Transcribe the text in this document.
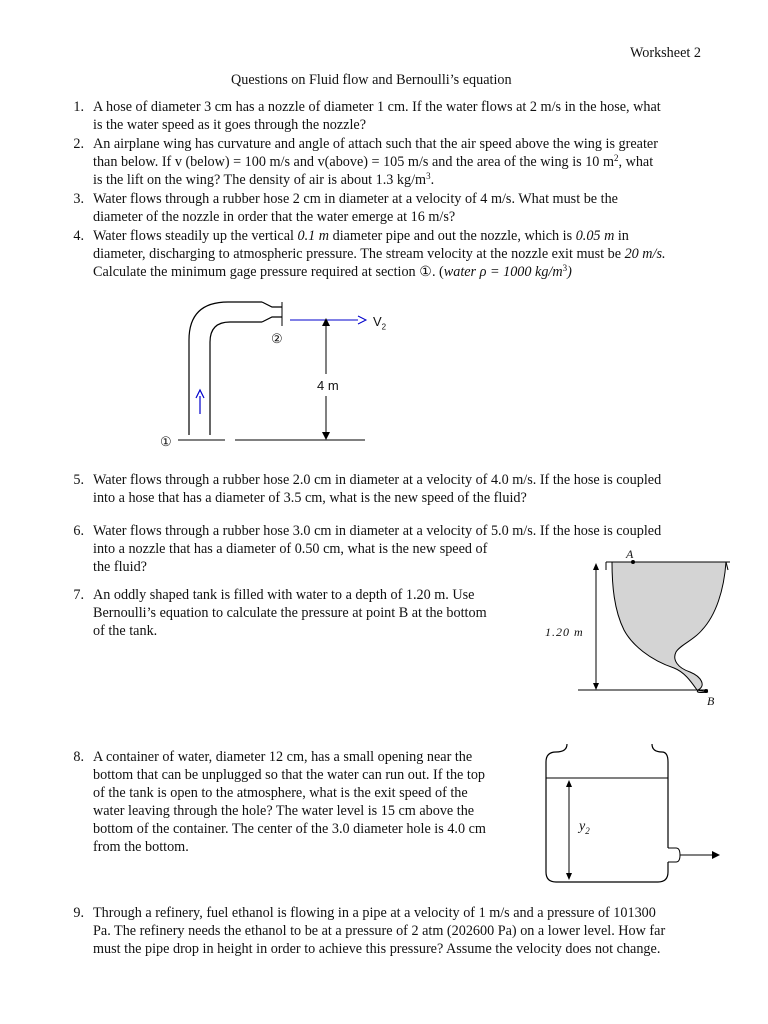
Worksheet 2
Questions on Fluid flow and Bernoulli’s equation
1. A hose of diameter 3 cm has a nozzle of diameter 1 cm. If the water flows at 2 m/s in the hose, what
is the water speed as it goes through the nozzle?
2. An airplane wing has curvature and angle of attach such that the air speed above the wing is greater
than below. If v (below) = 100 m/s and v(above) = 105 m/s and the area of the wing is 10 $m^2$, what
is the lift on the wing? The density of air is about 1.3 $kg/m^3$.
3. Water flows through a rubber hose 2 cm in diameter at a velocity of 4 m/s. What must be the
diameter of the nozzle in order that the water emerge at 16 m/s?
4. Water flows steadily up the vertical 0.1 m diameter pipe and out the nozzle, which is 0.05 m in
diameter, discharging to atmospheric pressure. The stream velocity at the nozzle exit must be 20 m/s.
Calculate the minimum gage pressure required at section ①. (water ρ = 1000 $kg/m^3$)
$V_2$
②
4 m
①
5. Water flows through a rubber hose 2.0 cm in diameter at a velocity of 4.0 m/s. If the hose is coupled
into a hose that has a diameter of 3.5 cm, what is the new speed of the fluid?
6. Water flows through a rubber hose 3.0 cm in diameter at a velocity of 5.0 m/s. If the hose is coupled
into a nozzle that has a diameter of 0.50 cm, what is the new speed of
the fluid?
7. An oddly shaped tank is filled with water to a depth of 1.20 m. Use
Bernoulli’s equation to calculate the pressure at point B at the bottom
of the tank.
A
1.20 m
B
8. A container of water, diameter 12 cm, has a small opening near the
bottom that can be unplugged so that the water can run out. If the top
of the tank is open to the atmosphere, what is the exit speed of the
water leaving through the hole? The water level is 15 cm above the
bottom of the container. The center of the 3.0 diameter hole is 4.0 cm
from the bottom.
$y_2$
9. Through a refinery, fuel ethanol is flowing in a pipe at a velocity of 1 m/s and a pressure of 101300
Pa. The refinery needs the ethanol to be at a pressure of 2 atm (202600 Pa) on a lower level. How far
must the pipe drop in height in order to achieve this pressure? Assume the velocity does not change.
